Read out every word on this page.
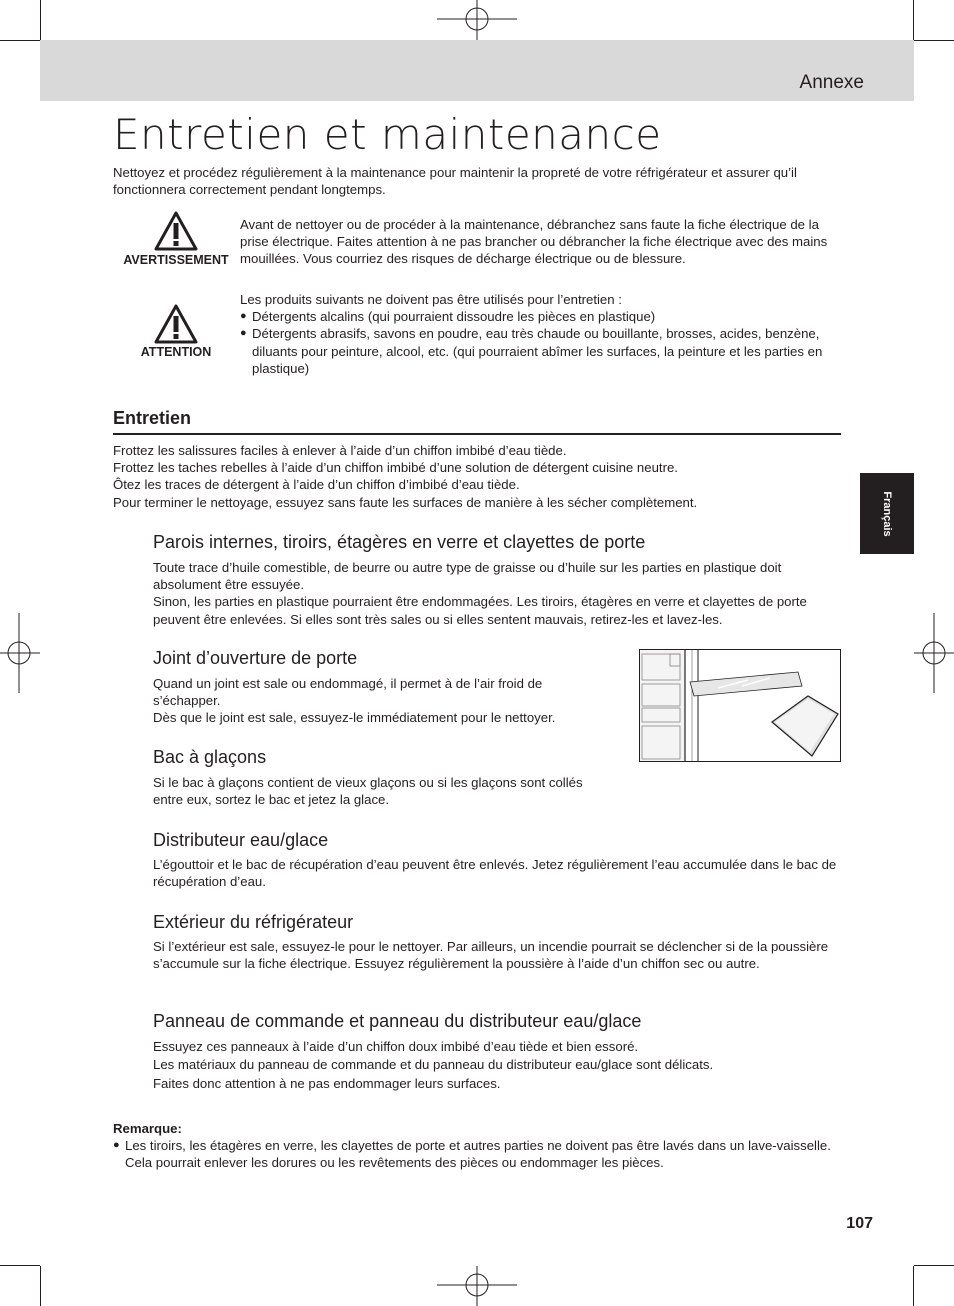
Annexe
Entretien et maintenance
Nettoyez et procédez régulièrement à la maintenance pour maintenir la propreté de votre réfrigérateur et assurer qu’il fonctionnera correctement pendant longtemps.
AVERTISSEMENT
Avant de nettoyer ou de procéder à la maintenance, débranchez sans faute la fiche électrique de la prise électrique. Faites attention à ne pas brancher ou débrancher la fiche électrique avec des mains mouillées. Vous courriez des risques de décharge électrique ou de blessure.
ATTENTION
Les produits suivants ne doivent pas être utilisés pour l’entretien :
● Détergents alcalins (qui pourraient dissoudre les pièces en plastique)
● Détergents abrasifs, savons en poudre, eau très chaude ou bouillante, brosses, acides, benzène, diluants pour peinture, alcool, etc. (qui pourraient abîmer les surfaces, la peinture et les parties en plastique)
Entretien
Frottez les salissures faciles à enlever à l’aide d’un chiffon imbibé d’eau tiède.
Frottez les taches rebelles à l’aide d’un chiffon imbibé d’une solution de détergent cuisine neutre.
Ôtez les traces de détergent à l’aide d’un chiffon d’imbibé d’eau tiède.
Pour terminer le nettoyage, essuyez sans faute les surfaces de manière à les sécher complètement.
Parois internes, tiroirs, étagères en verre et clayettes de porte
Toute trace d’huile comestible, de beurre ou autre type de graisse ou d’huile sur les parties en plastique doit absolument être essuyée.
Sinon, les parties en plastique pourraient être endommagées. Les tiroirs, étagères en verre et clayettes de porte peuvent être enlevées. Si elles sont très sales ou si elles sentent mauvais, retirez-les et lavez-les.
Joint d’ouverture de porte
Quand un joint est sale ou endommagé, il permet à de l’air froid de s’échapper.
Dès que le joint est sale, essuyez-le immédiatement pour le nettoyer.
Bac à glaçons
Si le bac à glaçons contient de vieux glaçons ou si les glaçons sont collés entre eux, sortez le bac et jetez la glace.
Distributeur eau/glace
L’égouttoir et le bac de récupération d’eau peuvent être enlevés. Jetez régulièrement l’eau accumulée dans le bac de récupération d’eau.
Extérieur du réfrigérateur
Si l’extérieur est sale, essuyez-le pour le nettoyer. Par ailleurs, un incendie pourrait se déclencher si de la poussière s’accumule sur la fiche électrique. Essuyez régulièrement la poussière à l’aide d’un chiffon sec ou autre.
Panneau de commande et panneau du distributeur eau/glace
Essuyez ces panneaux à l’aide d’un chiffon doux imbibé d’eau tiède et bien essoré.
Les matériaux du panneau de commande et du panneau du distributeur eau/glace sont délicats.
Faites donc attention à ne pas endommager leurs surfaces.
Remarque:
● Les tiroirs, les étagères en verre, les clayettes de porte et autres parties ne doivent pas être lavés dans un lave-vaisselle. Cela pourrait enlever les dorures ou les revêtements des pièces ou endommager les pièces.
Français
107
